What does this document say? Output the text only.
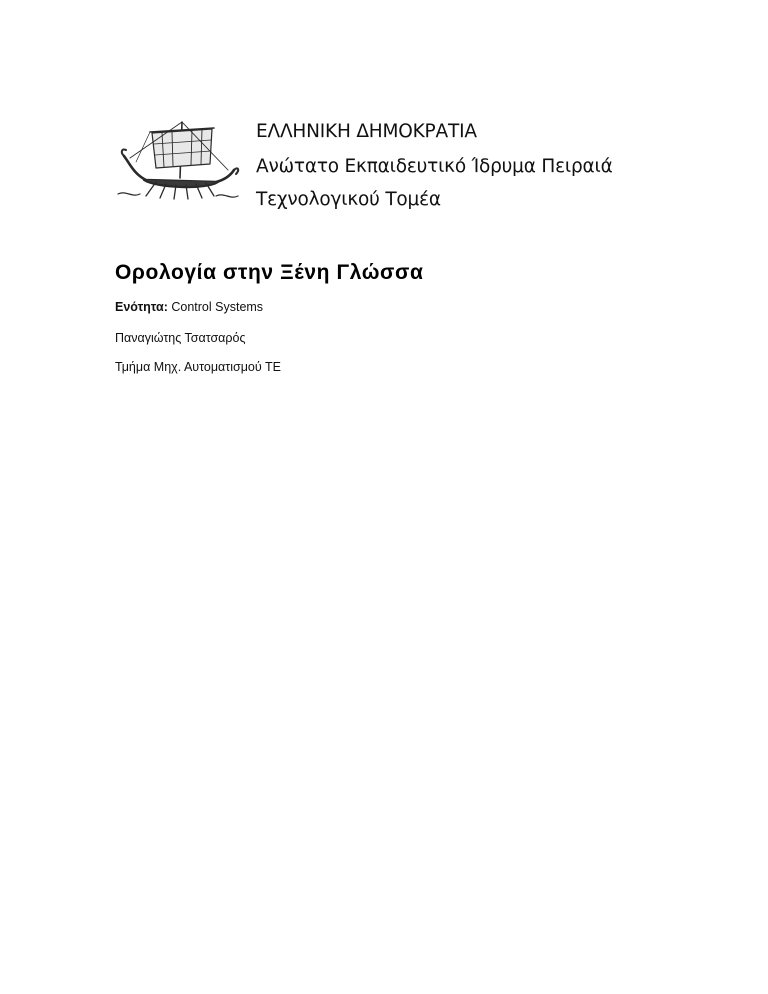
ΕΛΛΗΝΙΚΗ ΔΗΜΟΚΡΑΤΙΑ
Ανώτατο Εκπαιδευτικό Ίδρυμα Πειραιά
Τεχνολογικού Τομέα
Ορολογία στην Ξένη Γλώσσα
Ενότητα: Control Systems
Παναγιώτης Τσατσαρός
Τμήμα Μηχ. Αυτοματισμού ΤΕ
